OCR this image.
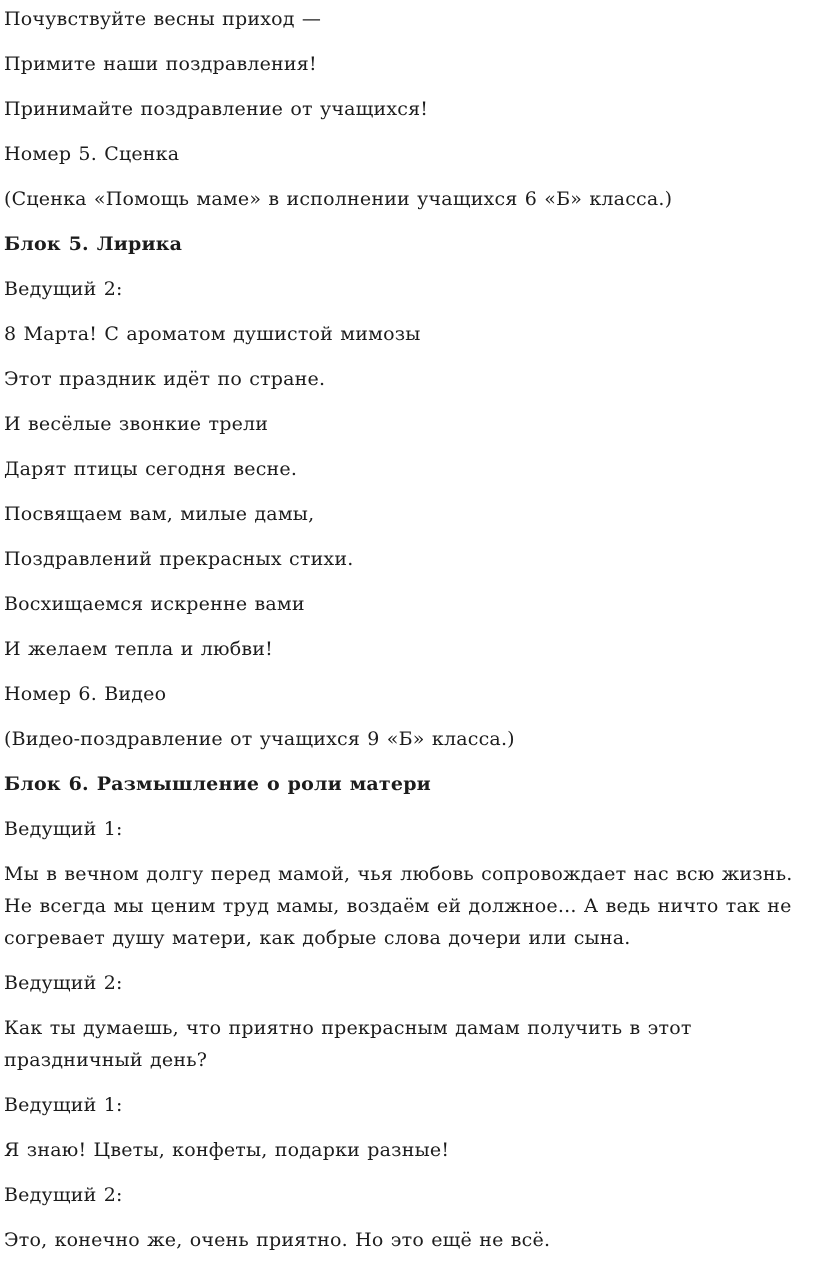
Почувствуйте весны приход —

Примите наши поздравления!

Принимайте поздравление от учащихся!

Номер 5. Сценка

(Сценка «Помощь маме» в исполнении учащихся 6 «Б» класса.)

Блок 5. Лирика

Ведущий 2:

8 Марта! С ароматом душистой мимозы

Этот праздник идёт по стране.

И весёлые звонкие трели

Дарят птицы сегодня весне.

Посвящаем вам, милые дамы,

Поздравлений прекрасных стихи.

Восхищаемся искренне вами

И желаем тепла и любви!

Номер 6. Видео

(Видео-поздравление от учащихся 9 «Б» класса.)

Блок 6. Размышление о роли матери

Ведущий 1:

Мы в вечном долгу перед мамой, чья любовь сопровождает нас всю жизнь. Не всегда мы ценим труд мамы, воздаём ей должное... А ведь ничто так не согревает душу матери, как добрые слова дочери или сына.

Ведущий 2:

Как ты думаешь, что приятно прекрасным дамам получить в этот праздничный день?

Ведущий 1:

Я знаю! Цветы, конфеты, подарки разные!

Ведущий 2:

Это, конечно же, очень приятно. Но это ещё не всё.
